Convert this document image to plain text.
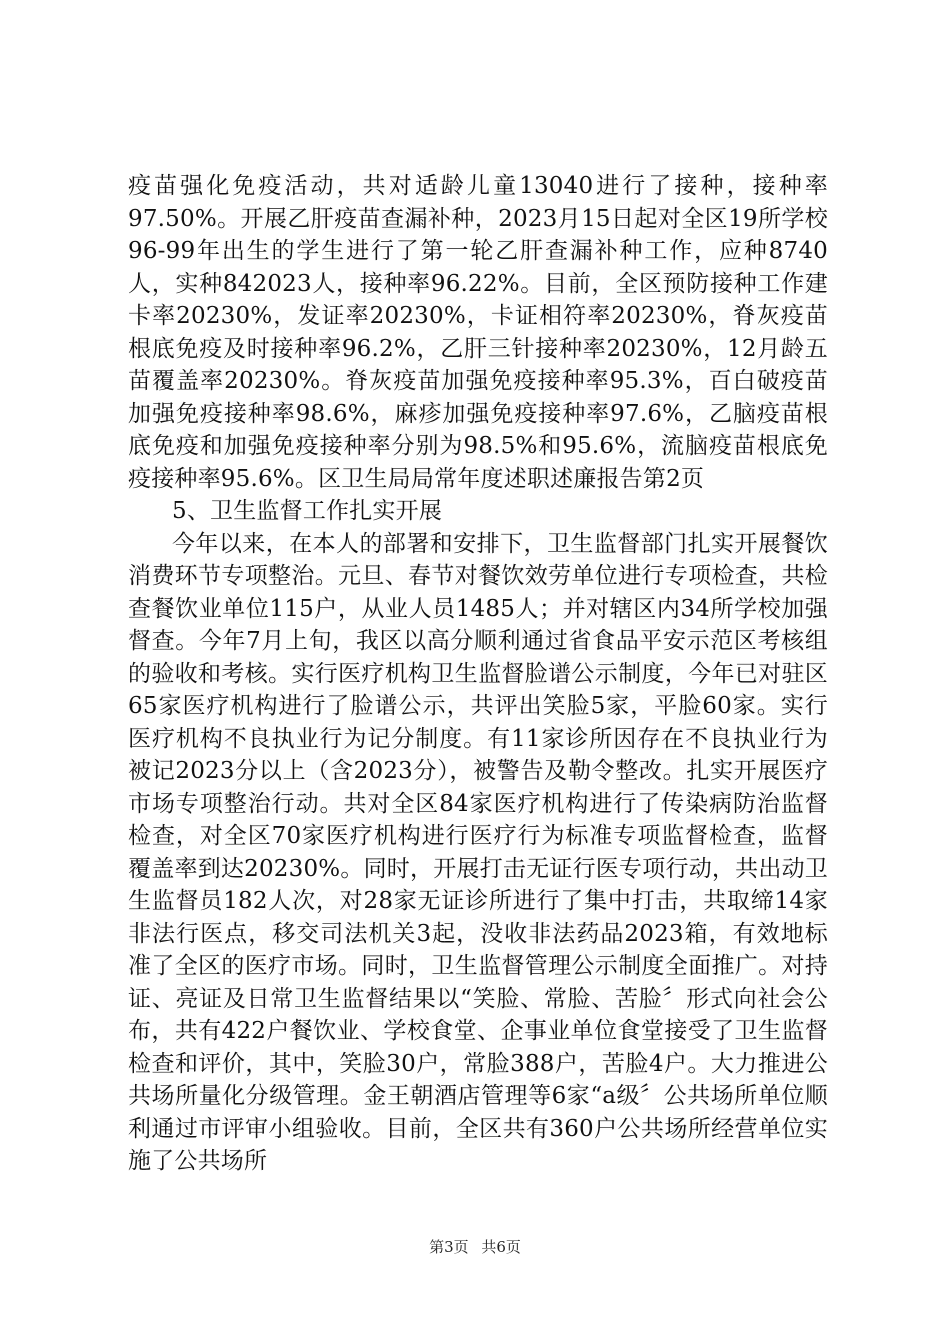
疫苗强化免疫活动，共对适龄儿童13040进行了接种，接种率97.50%。开展乙肝疫苗查漏补种，2023月15日起对全区19所学校96-99年出生的学生进行了第一轮乙肝查漏补种工作，应种8740人，实种842023人，接种率96.22%。目前，全区预防接种工作建卡率20230%，发证率20230%，卡证相符率20230%，脊灰疫苗根底免疫及时接种率96.2%，乙肝三针接种率20230%，12月龄五苗覆盖率20230%。脊灰疫苗加强免疫接种率95.3%，百白破疫苗加强免疫接种率98.6%，麻疹加强免疫接种率97.6%，乙脑疫苗根底免疫和加强免疫接种率分别为98.5%和95.6%，流脑疫苗根底免疫接种率95.6%。区卫生局局常年度述职述廉报告第2页

5、卫生监督工作扎实开展

今年以来，在本人的部署和安排下，卫生监督部门扎实开展餐饮消费环节专项整治。元旦、春节对餐饮效劳单位进行专项检查，共检查餐饮业单位115户，从业人员1485人；并对辖区内34所学校加强督查。今年7月上旬，我区以高分顺利通过省食品平安示范区考核组的验收和考核。实行医疗机构卫生监督脸谱公示制度，今年已对驻区65家医疗机构进行了脸谱公示，共评出笑脸5家，平脸60家。实行医疗机构不良执业行为记分制度。有11家诊所因存在不良执业行为被记2023分以上（含2023分），被警告及勒令整改。扎实开展医疗市场专项整治行动。共对全区84家医疗机构进行了传染病防治监督检查，对全区70家医疗机构进行医疗行为标准专项监督检查，监督覆盖率到达20230%。同时，开展打击无证行医专项行动，共出动卫生监督员182人次，对28家无证诊所进行了集中打击，共取缔14家非法行医点，移交司法机关3起，没收非法药品2023箱，有效地标准了全区的医疗市场。同时，卫生监督管理公示制度全面推广。对持证、亮证及日常卫生监督结果以“笑脸、常脸、苦脸〞形式向社会公布，共有422户餐饮业、学校食堂、企事业单位食堂接受了卫生监督检查和评价，其中，笑脸30户，常脸388户，苦脸4户。大力推进公共场所量化分级管理。金王朝酒店管理等6家“a级〞公共场所单位顺利通过市评审小组验收。目前，全区共有360户公共场所经营单位实施了公共场所

第3页 共6页
